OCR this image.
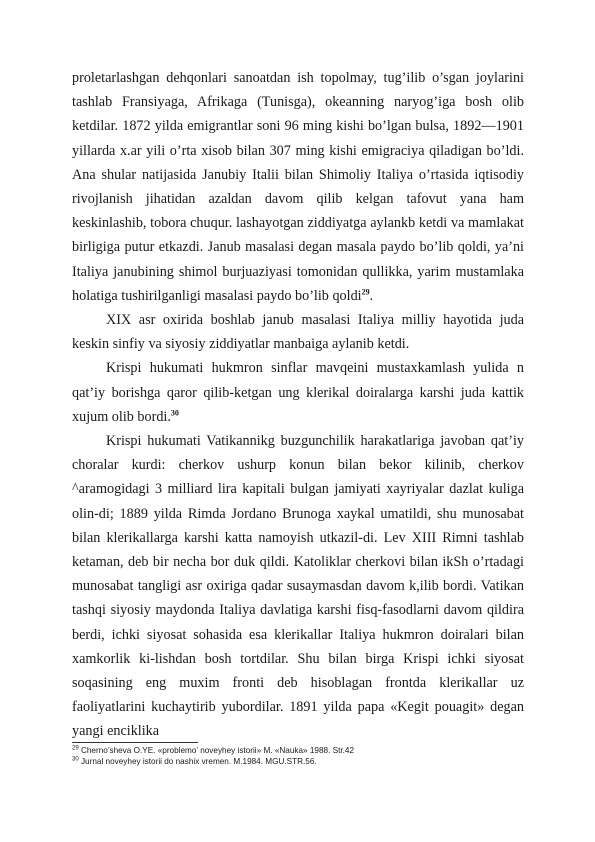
proletarlashgan dehqonlari sanoatdan ish topolmay, tug’ilib o’sgan joylarini tashlab Fransiyaga, Afrikaga (Tunisga), okeanning naryog’iga bosh olib ketdilar. 1872 yilda emigrantlar soni 96 ming kishi bo’lgan bulsa, 1892—1901 yillarda x.ar yili o’rta xisob bilan 307 ming kishi emigraciya qiladigan bo’ldi. Ana shular natijasida Janubiy Italii bilan Shimoliy Italiya o’rtasida iqtisodiy rivojlanish jihatidan azaldan davom qilib kelgan tafovut yana ham keskinlashib, tobora chuqur. lashayotgan ziddiyatga aylankb ketdi va mamlakat birligiga putur etkazdi. Janub masalasi degan masala paydo bo’lib qoldi, ya’ni Italiya janubining shimol burjuaziyasi tomonidan qullikka, yarim mustamlaka holatiga tushirilganligi masalasi paydo bo’lib qoldi$^{29}$.

XIX asr oxirida boshlab janub masalasi Italiya milliy hayotida juda keskin sinfiy va siyosiy ziddiyatlar manbaiga aylanib ketdi.

Krispi hukumati hukmron sinflar mavqeini mustaxkamlash yulida n qat’iy borishga qaror qilib-ketgan ung klerikal doiralarga karshi juda kattik xujum olib bordi.$^{30}$

Krispi hukumati Vatikannikg buzgunchilik harakatlariga javoban qat’iy choralar kurdi: cherkov ushurp konun bilan bekor kilinib, cherkov ^aramogidagi 3 milliard lira kapitali bulgan jamiyati xayriyalar dazlat kuliga olin-di; 1889 yilda Rimda Jordano Brunoga xaykal umatildi, shu munosabat bilan klerikallarga karshi katta namoyish utkazil-di. Lev XIII Rimni tashlab ketaman, deb bir necha bor duk qildi. Katoliklar cherkovi bilan ikSh o’rtadagi munosabat tangligi asr oxiriga qadar susaymasdan davom k,ilib bordi. Vatikan tashqi siyosiy maydonda Italiya davlatiga karshi fisq-fasodlarni davom qildira berdi, ichki siyosat sohasida esa klerikallar Italiya hukmron doiralari bilan xamkorlik ki-lishdan bosh tortdilar. Shu bilan birga Krispi ichki siyosat soqasining eng muxim fronti deb hisoblagan frontda klerikallar uz faoliyatlarini kuchaytirib yubordilar. 1891 yilda papa «Kegit pouagit» degan yangi enciklika

$^{29}$ Cherno’sheva O.YE. «problemo’ noveyhey istorii» M. «Nauka» 1988. Str.42

$^{30}$ Jurnal noveyhey istorii do nashix vremen. M.1984. MGU.STR.56.
